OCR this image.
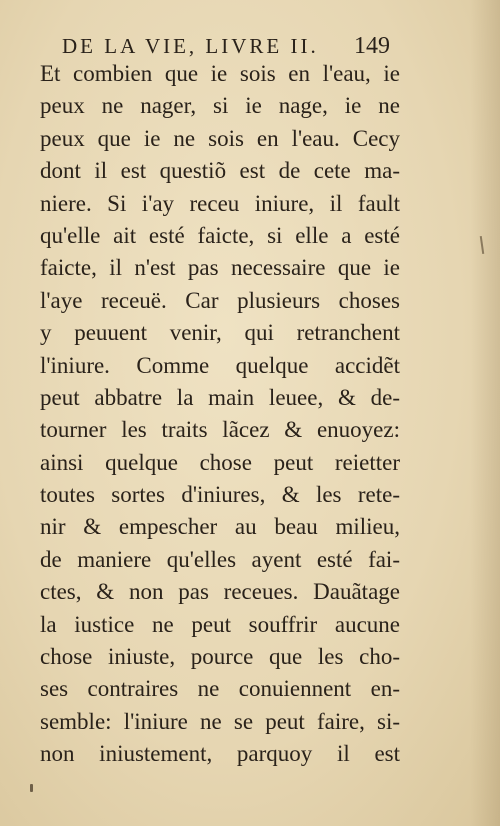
DE LA VIE, LIVRE II. 149
Et combien que ie sois en l'eau, ie
peux ne nager, si ie nage, ie ne
peux que ie ne sois en l'eau. Cecy
dont il est questiõ est de cete ma-
niere. Si i'ay receu iniure, il fault
qu'elle ait esté faicte, si elle a esté
faicte, il n'est pas necessaire que ie
l'aye receuë. Car plusieurs choses
y peuuent venir, qui retranchent
l'iniure. Comme quelque accidẽt
peut abbatre la main leuee, & de-
tourner les traits lãcez & enuoyez:
ainsi quelque chose peut reietter
toutes sortes d'iniures, & les rete-
nir & empescher au beau milieu,
de maniere qu'elles ayent esté fai-
ctes, & non pas receues. Dauãtage
la iustice ne peut souffrir aucune
chose iniuste, pource que les cho-
ses contraires ne conuiennent en-
semble: l'iniure ne se peut faire, si-
non iniustement, parquoy il est
